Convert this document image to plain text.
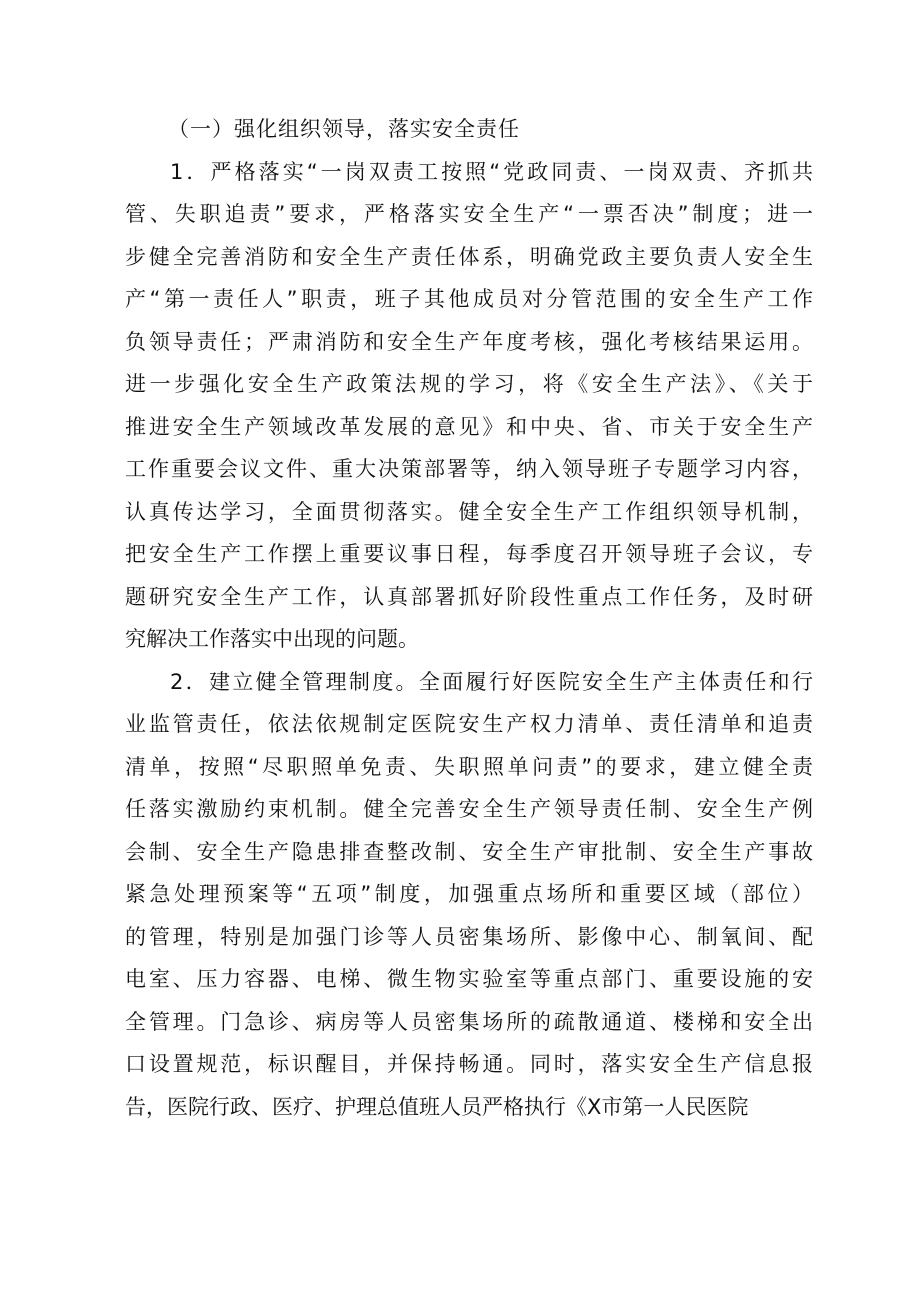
（一）强化组织领导，落实安全责任

1．严格落实“一岗双责工按照“党政同责、一岗双责、齐抓共
管、失职追责”要求，严格落实安全生产“一票否决”制度；进一
步健全完善消防和安全生产责任体系，明确党政主要负责人安全生
产“第一责任人”职责，班子其他成员对分管范围的安全生产工作
负领导责任；严肃消防和安全生产年度考核，强化考核结果运用。
进一步强化安全生产政策法规的学习，将《安全生产法》、《关于
推进安全生产领域改革发展的意见》和中央、省、市关于安全生产
工作重要会议文件、重大决策部署等，纳入领导班子专题学习内容，
认真传达学习，全面贯彻落实。健全安全生产工作组织领导机制，
把安全生产工作摆上重要议事日程，每季度召开领导班子会议，专
题研究安全生产工作，认真部署抓好阶段性重点工作任务，及时研
究解决工作落实中出现的问题。
2．建立健全管理制度。全面履行好医院安全生产主体责任和行
业监管责任，依法依规制定医院安生产权力清单、责任清单和追责
清单，按照“尽职照单免责、失职照单问责”的要求，建立健全责
任落实激励约束机制。健全完善安全生产领导责任制、安全生产例
会制、安全生产隐患排查整改制、安全生产审批制、安全生产事故
紧急处理预案等“五项”制度，加强重点场所和重要区域（部位）
的管理，特别是加强门诊等人员密集场所、影像中心、制氧间、配
电室、压力容器、电梯、微生物实验室等重点部门、重要设施的安
全管理。门急诊、病房等人员密集场所的疏散通道、楼梯和安全出
口设置规范，标识醒目，并保持畅通。同时，落实安全生产信息报
告，医院行政、医疗、护理总值班人员严格执行《X市第一人民医院
